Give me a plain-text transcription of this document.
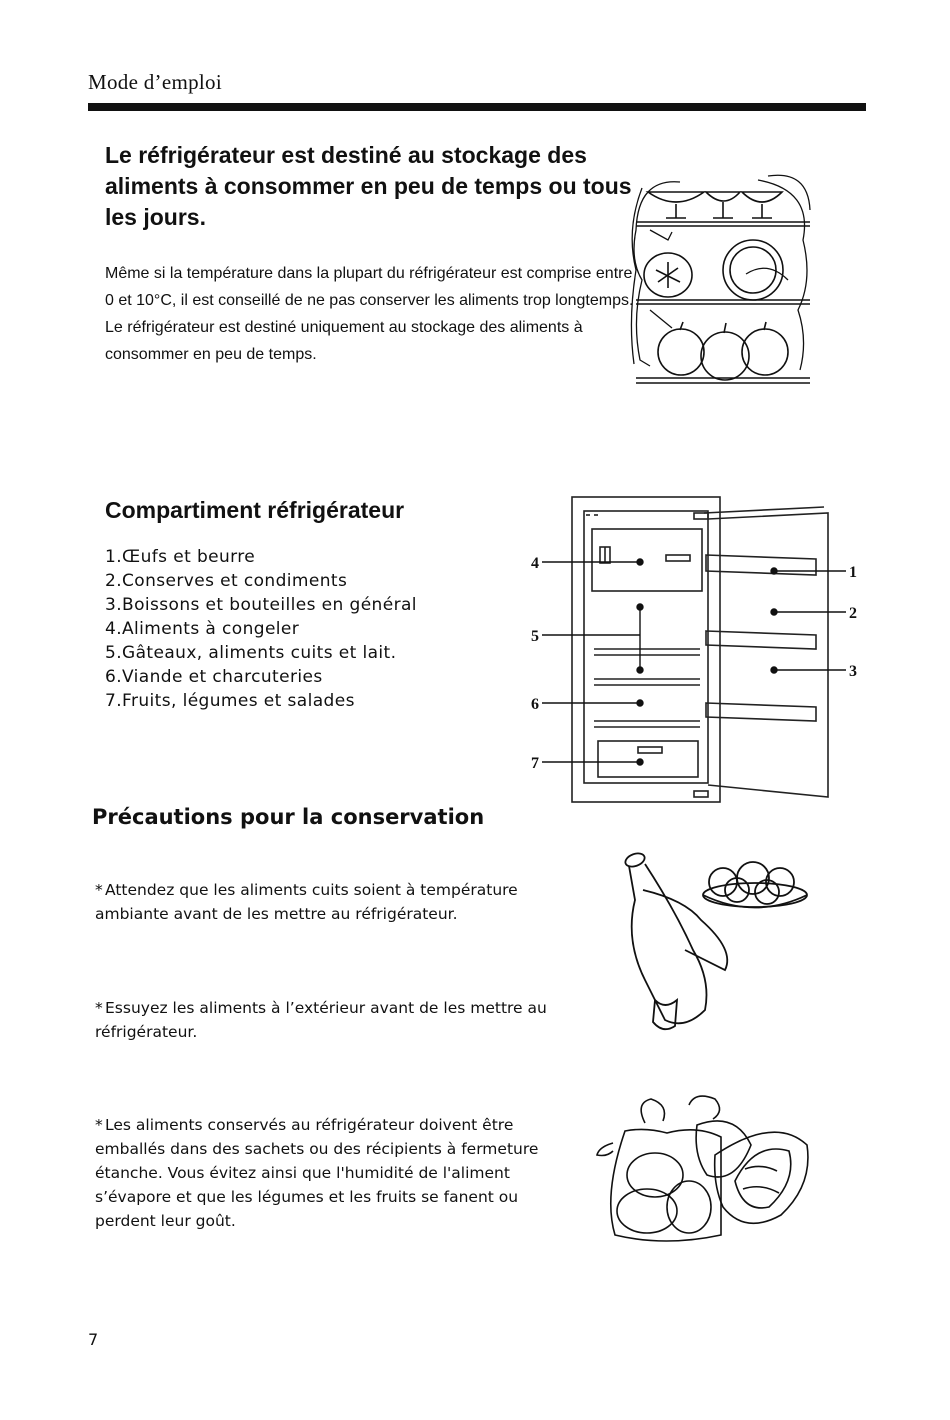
Mode d’emploi

Le réfrigérateur est destiné au stockage des aliments à consommer en peu de temps ou tous les jours.

Même si la température dans la plupart du réfrigérateur est comprise entre 0 et 10°C, il est conseillé de ne pas conserver les aliments trop longtemps. Le réfrigérateur est destiné uniquement au stockage des aliments à consommer en peu de temps.

Compartiment réfrigérateur
1.Œufs et beurre
2.Conserves et condiments
3.Boissons et bouteilles en général
4.Aliments à congeler
5.Gâteaux, aliments cuits et lait.
6.Viande et charcuteries
7.Fruits, légumes et salades
4
5
6
7
1
2
3
Précautions pour la conservation

* Attendez que les aliments cuits soient à température ambiante avant de les mettre au réfrigérateur.

* Essuyez les aliments à l’extérieur avant de les mettre au réfrigérateur.

* Les aliments conservés au réfrigérateur doivent être emballés dans des sachets ou des récipients à fermeture étanche. Vous évitez ainsi que l'humidité de l'aliment s’évapore et que les légumes et les fruits se fanent ou perdent leur goût.

7
